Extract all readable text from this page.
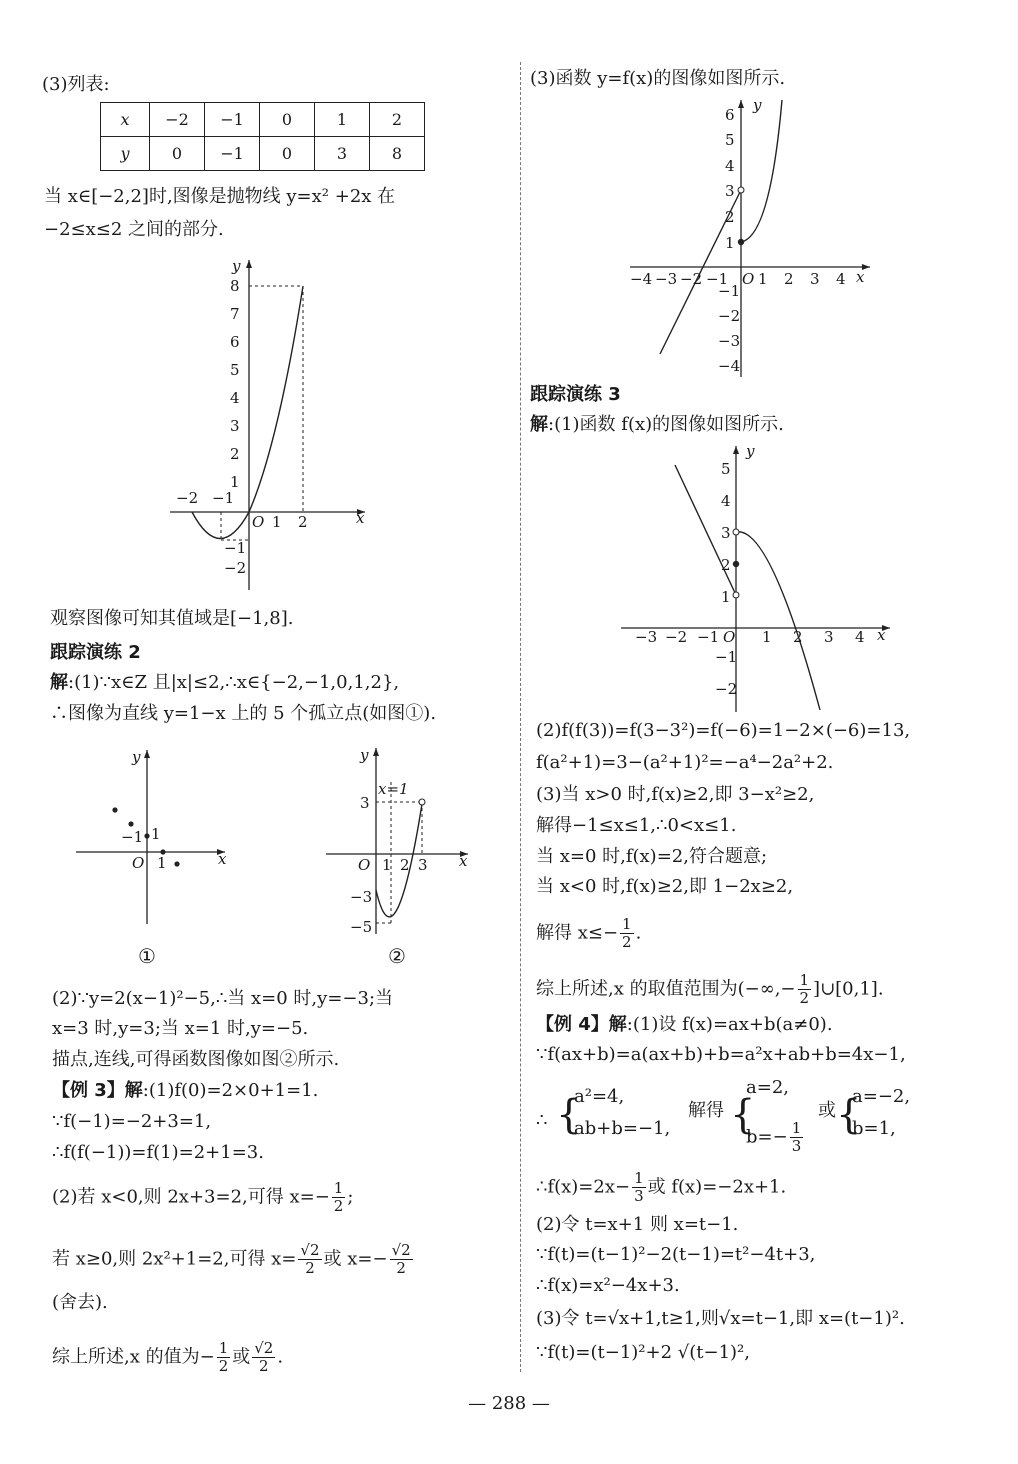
(3)列表:
x	−2	−1	0	1	2
y	0	−1	0	3	8
当 x∈[−2,2]时,图像是抛物线 y=x² +2x 在
−2≤x≤2 之间的部分.
y
8
7
6
5
4
3
2
1
−1
−2
−2 −1
O 1 2	x
观察图像可知其值域是[−1,8].
跟踪演练 2
解:(1)∵x∈Z 且|x|≤2,∴x∈{−2,−1,0,1,2},
∴图像为直线 y=1−x 上的 5 个孤立点(如图①).
y
x
O 1
−1 1
①
y
x
O 1 2 3
3
−3
−5
x=1
②
(2)∵y=2(x−1)²−5,∴当 x=0 时,y=−3;当
x=3 时,y=3;当 x=1 时,y=−5.
描点,连线,可得函数图像如图②所示.
【例 3】解:(1)f(0)=2×0+1=1.
∵f(−1)=−2+3=1,
∴f(f(−1))=f(1)=2+1=3.
(2)若 x<0,则 2x+3=2,可得 $x=- \frac{1}{2}$ ;
若 x≥0,则 2x²+1=2,可得 $x= \frac{√2}{2}$ 或 $x=- \frac{√2}{2}$
(舍去).
综上所述,x 的值为− $\frac{1}{2}$ 或 $\frac{√2}{2}$ .
(3)函数 y=f(x)的图像如图所示.
y
6
5
4
3
2
1
−1
−2
−3
−4
−4 −3 −2 −1 O 1 2 3 4 x
跟踪演练 3
解:(1)函数 f(x)的图像如图所示.
y
5
4
3
2
1
−1
−2
−3 −2 −1 O 1 2 3 4 x
(2)f(f(3))=f(3−3²)=f(−6)=1−2×(−6)=13,
f(a²+1)=3−(a²+1)²=−a⁴−2a²+2.
(3)当 x>0 时,f(x)≥2,即 3−x²≥2,
解得−1≤x≤1,∴0<x≤1.
当 x=0 时,f(x)=2,符合题意;
当 x<0 时,f(x)≥2,即 1−2x≥2,
解得 $x\le- \frac{1}{2}$ .
综上所述,x 的取值范围为(−∞,− $\frac{1}{2}$ ]∪[0,1].
【例 4】解:(1)设 f(x)=ax+b(a≠0).
∵f(ax+b)=a(ax+b)+b=a²x+ab+b=4x−1,
∴ {
a²=4,
ab+b=−1,
解得 {
a=2,
$b=- \frac{1}{3}$
或 {
a=−2,
b=1,
∴f(x)=2x− $\frac{1}{3}$ 或 f(x)=−2x+1.
(2)令 t=x+1 则 x=t−1.
∵f(t)=(t−1)²−2(t−1)=t²−4t+3,
∴f(x)=x²−4x+3.
(3)令 t=√x+1,t≥1,则√x=t−1,即 x=(t−1)².
∵f(t)=(t−1)²+2 √(t−1)²,
— 288 —
